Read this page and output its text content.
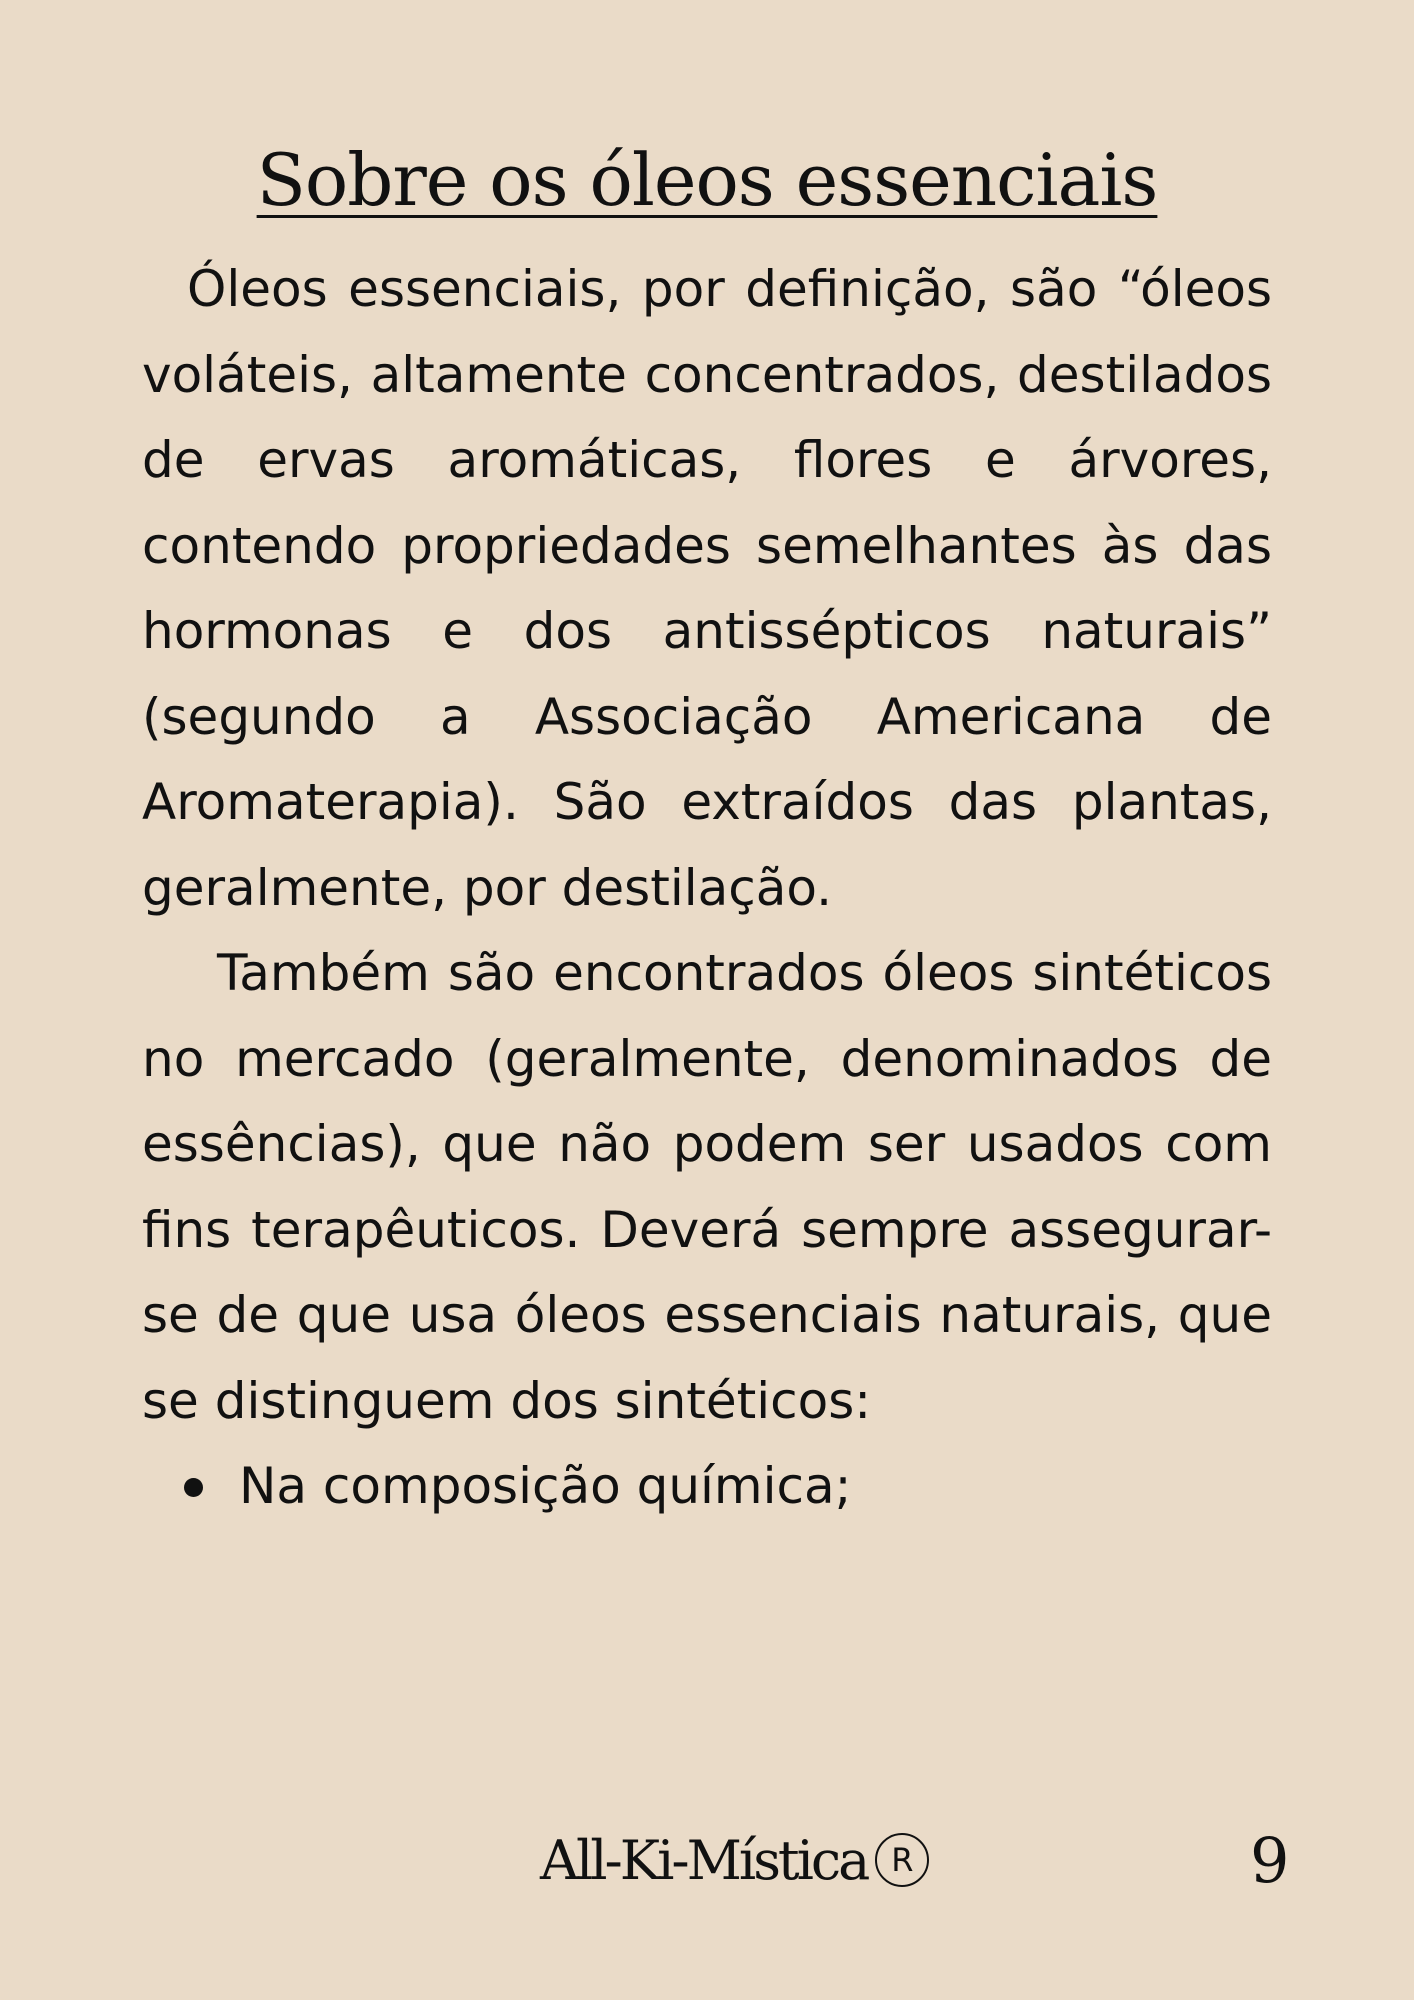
Sobre os óleos essenciais

Óleos essenciais, por definição, são “óleos voláteis, altamente concentrados, destilados de ervas aromáticas, flores e árvores, contendo propriedades semelhantes às das hormonas e dos antissépticos naturais” (segundo a Associação Americana de Aromaterapia). São extraídos das plantas, geralmente, por destilação.

Também são encontrados óleos sintéticos no mercado (geralmente, denominados de essências), que não podem ser usados com fins terapêuticos. Deverá sempre assegurar-se de que usa óleos essenciais naturais, que se distinguem dos sintéticos:

Na composição química;
All-Ki-Mística R	9
